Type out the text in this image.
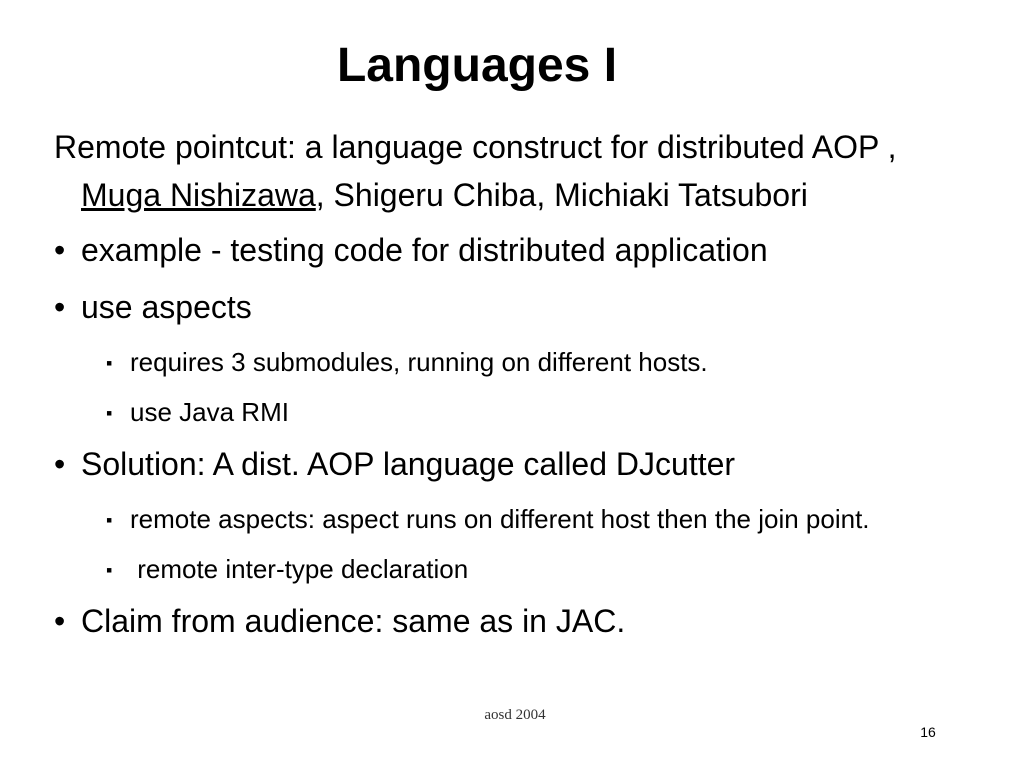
Languages I

Remote pointcut: a language construct for distributed AOP , Muga Nishizawa, Shigeru Chiba, Michiaki Tatsubori

• example - testing code for distributed application

• use aspects

▪ requires 3 submodules, running on different hosts.

▪ use Java RMI

• Solution: A dist. AOP language called DJcutter

▪ remote aspects: aspect runs on different host then the join point.

▪ remote inter-type declaration

• Claim from audience: same as in JAC.

aosd 2004
16
